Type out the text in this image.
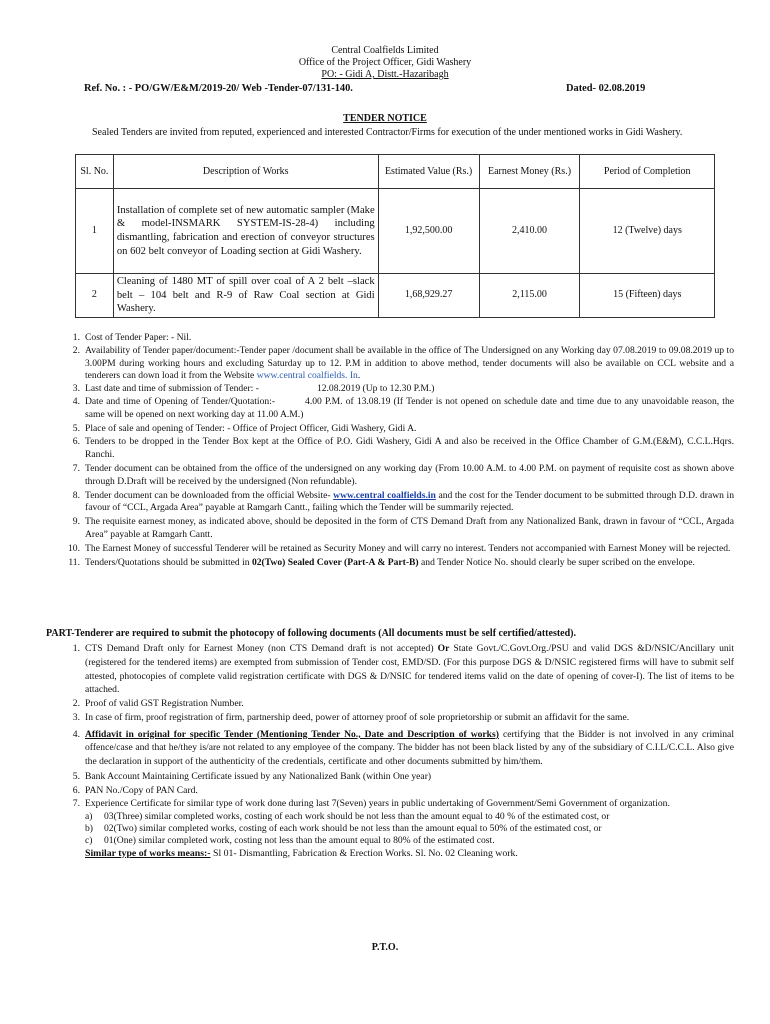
Central Coalfields Limited
Office of the Project Officer, Gidi Washery
PO: - Gidi A, Distt.-Hazaribagh
Ref. No. : - PO/GW/E&M/2019-20/ Web -Tender-07/131-140.	Dated- 02.08.2019
TENDER NOTICE
Sealed Tenders are invited from reputed, experienced and interested Contractor/Firms for execution of the under mentioned works in Gidi Washery.
Sl. No.	Description of Works	Estimated Value (Rs.)	Earnest Money (Rs.)	Period of Completion
1	Installation of complete set of new automatic sampler (Make & model-INSMARK SYSTEM-IS-28-4) including dismantling, fabrication and erection of conveyor structures on 602 belt conveyor of Loading section at Gidi Washery.	1,92,500.00	2,410.00	12 (Twelve) days
2	Cleaning of 1480 MT of spill over coal of A 2 belt –slack belt – 104 belt and R-9 of Raw Coal section at Gidi Washery.	1,68,929.27	2,115.00	15 (Fifteen) days
1. Cost of Tender Paper: - Nil.
2. Availability of Tender paper/document:-Tender paper /document shall be available in the office of The Undersigned on any Working day 07.08.2019 to 09.08.2019 up to 3.00PM during working hours and excluding Saturday up to 12. P.M in addition to above method, tender documents will also be available on CCL website and a tenderers can down load it from the Website www.central coalfields. In.
3. Last date and time of submission of Tender: -	12.08.2019 (Up to 12.30 P.M.)
4. Date and time of Opening of Tender/Quotation:-	4.00 P.M. of 13.08.19 (If Tender is not opened on schedule date and time due to any unavoidable reason, the same will be opened on next working day at 11.00 A.M.)
5. Place of sale and opening of Tender: - Office of Project Officer, Gidi Washery, Gidi A.
6. Tenders to be dropped in the Tender Box kept at the Office of P.O. Gidi Washery, Gidi A and also be received in the Office Chamber of G.M.(E&M), C.C.L.Hqrs. Ranchi.
7. Tender document can be obtained from the office of the undersigned on any working day (From 10.00 A.M. to 4.00 P.M. on payment of requisite cost as shown above through D.Draft will be received by the undersigned (Non refundable).
8. Tender document can be downloaded from the official Website- www.central coalfields.in and the cost for the Tender document to be submitted through D.D. drawn in favour of “CCL, Argada Area” payable at Ramgarh Cantt., failing which the Tender will be summarily rejected.
9. The requisite earnest money, as indicated above, should be deposited in the form of CTS Demand Draft from any Nationalized Bank, drawn in favour of “CCL, Argada Area” payable at Ramgarh Cantt.
10. The Earnest Money of successful Tenderer will be retained as Security Money and will carry no interest. Tenders not accompanied with Earnest Money will be rejected.
11. Tenders/Quotations should be submitted in 02(Two) Sealed Cover (Part-A & Part-B) and Tender Notice No. should clearly be super scribed on the envelope.
PART-Tenderer are required to submit the photocopy of following documents (All documents must be self certified/attested).
1. CTS Demand Draft only for Earnest Money (non CTS Demand draft is not accepted) Or State Govt./C.Govt.Org./PSU and valid DGS &D/NSIC/Ancillary unit (registered for the tendered items) are exempted from submission of Tender cost, EMD/SD. (For this purpose DGS & D/NSIC registered firms will have to submit self attested, photocopies of complete valid registration certificate with DGS & D/NSIC for tendered items valid on the date of opening of cover-I). The list of items to be attached.
2. Proof of valid GST Registration Number.
3. In case of firm, proof registration of firm, partnership deed, power of attorney proof of sole proprietorship or submit an affidavit for the same.
4. Affidavit in original for specific Tender (Mentioning Tender No., Date and Description of works) certifying that the Bidder is not involved in any criminal offence/case and that he/they is/are not related to any employee of the company. The bidder has not been black listed by any of the subsidiary of C.I.L/C.C.L. Also give the declaration in support of the authenticity of the credentials, certificate and other documents submitted by him/them.
5. Bank Account Maintaining Certificate issued by any Nationalized Bank (within One year)
6. PAN No./Copy of PAN Card.
7. Experience Certificate for similar type of work done during last 7(Seven) years in public undertaking of Government/Semi Government of organization.
a) 03(Three) similar completed works, costing of each work should be not less than the amount equal to 40 % of the estimated cost, or
b) 02(Two) similar completed works, costing of each work should be not less than the amount equal to 50% of the estimated cost, or
c) 01(One) similar completed work, costing not less than the amount equal to 80% of the estimated cost.
Similar type of works means:- Sl 01- Dismantling, Fabrication & Erection Works. Sl. No. 02 Cleaning work.
P.T.O.
